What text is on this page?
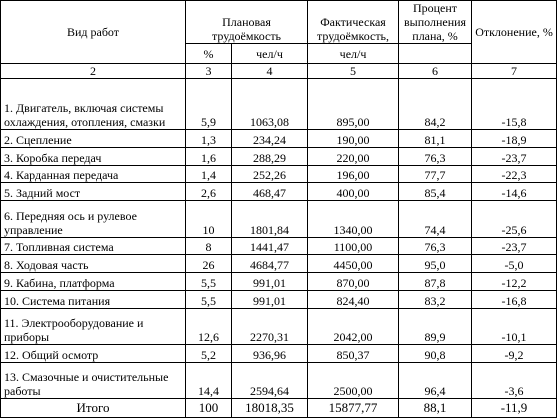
Вид работ	Плановая трудоёмкость		Фактическая трудоёмкость,	Процент выполнения плана, %	Отклонение, %
	%	чел/ч	чел/ч		
2	3	4	5	6	7
1. Двигатель, включая системы охлаждения, отопления, смазки	5,9	1063,08	895,00	84,2	-15,8
2. Сцепление	1,3	234,24	190,00	81,1	-18,9
3. Коробка передач	1,6	288,29	220,00	76,3	-23,7
4. Карданная передача	1,4	252,26	196,00	77,7	-22,3
5. Задний мост	2,6	468,47	400,00	85,4	-14,6
6. Передняя ось и рулевое управление	10	1801,84	1340,00	74,4	-25,6
7. Топливная система	8	1441,47	1100,00	76,3	-23,7
8. Ходовая часть	26	4684,77	4450,00	95,0	-5,0
9. Кабина, платформа	5,5	991,01	870,00	87,8	-12,2
10. Система питания	5,5	991,01	824,40	83,2	-16,8
11. Электрооборудование и приборы	12,6	2270,31	2042,00	89,9	-10,1
12. Общий осмотр	5,2	936,96	850,37	90,8	-9,2
13. Смазочные и очистительные работы	14,4	2594,64	2500,00	96,4	-3,6
Итого	100	18018,35	15877,77	88,1	-11,9
